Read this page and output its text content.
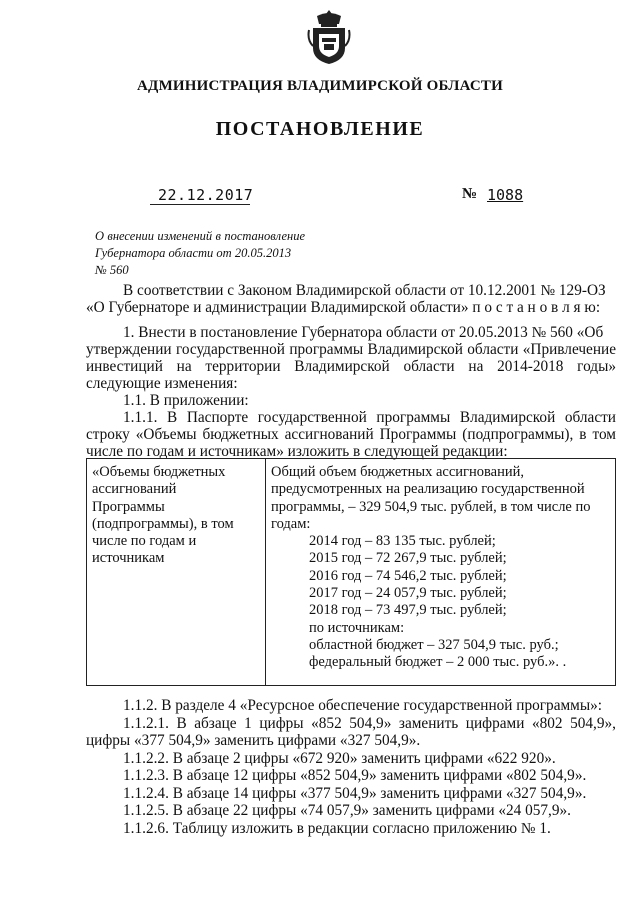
АДМИНИСТРАЦИЯ ВЛАДИМИРСКОЙ ОБЛАСТИ
ПОСТАНОВЛЕНИЕ
22.12.2017	№ 1088
О внесении изменений в постановление
Губернатора области от 20.05.2013 № 560
В соответствии с Законом Владимирской области от 10.12.2001 № 129-ОЗ
«О Губернаторе и администрации Владимирской области» п о с т а н о в л я ю:
1. Внести в постановление Губернатора области от 20.05.2013 № 560 «Об
утверждении государственной программы Владимирской области «Привлечение
инвестиций на территории Владимирской области на 2014-2018 годы»
следующие изменения:
1.1. В приложении:
1.1.1. В Паспорте государственной программы Владимирской области
строку «Объемы бюджетных ассигнований Программы (подпрограммы), в том
числе по годам и источникам» изложить в следующей редакции:
«Объемы бюджетных
ассигнований
Программы
(подпрограммы), в том
числе по годам и
источникам

Общий объем бюджетных ассигнований,
предусмотренных на реализацию государственной
программы, – 329 504,9 тыс. рублей, в том числе по
годам:
2014 год – 83 135 тыс. рублей;
2015 год – 72 267,9 тыс. рублей;
2016 год – 74 546,2 тыс. рублей;
2017 год – 24 057,9 тыс. рублей;
2018 год – 73 497,9 тыс. рублей;
по источникам:
областной бюджет – 327 504,9 тыс. руб.;
федеральный бюджет – 2 000 тыс. руб.». .
1.1.2. В разделе 4 «Ресурсное обеспечение государственной программы»:
1.1.2.1. В абзаце 1 цифры «852 504,9» заменить цифрами «802 504,9»,
цифры «377 504,9» заменить цифрами «327 504,9».
1.1.2.2. В абзаце 2 цифры «672 920» заменить цифрами «622 920».
1.1.2.3. В абзаце 12 цифры «852 504,9» заменить цифрами «802 504,9».
1.1.2.4. В абзаце 14 цифры «377 504,9» заменить цифрами «327 504,9».
1.1.2.5. В абзаце 22 цифры «74 057,9» заменить цифрами «24 057,9».
1.1.2.6. Таблицу изложить в редакции согласно приложению № 1.
